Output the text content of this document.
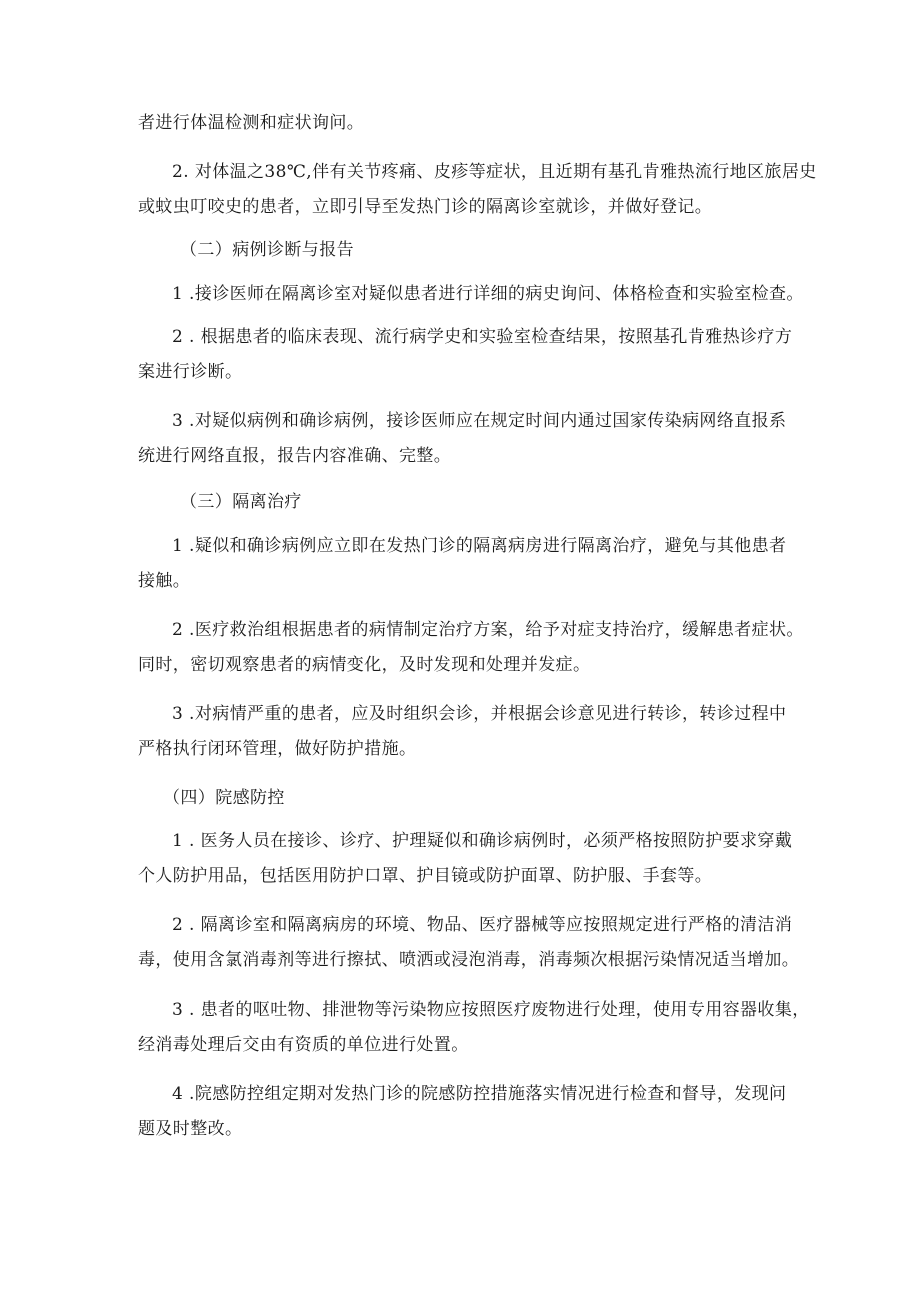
者进行体温检测和症状询问。
2. 对体温之38℃,伴有关节疼痛、皮疹等症状，且近期有基孔肯雅热流行地区旅居史
或蚊虫叮咬史的患者，立即引导至发热门诊的隔离诊室就诊，并做好登记。
（二）病例诊断与报告
1 .接诊医师在隔离诊室对疑似患者进行详细的病史询问、体格检查和实验室检查。
2 . 根据患者的临床表现、流行病学史和实验室检查结果，按照基孔肯雅热诊疗方
案进行诊断。
3 .对疑似病例和确诊病例，接诊医师应在规定时间内通过国家传染病网络直报系
统进行网络直报，报告内容准确、完整。
（三）隔离治疗
1 .疑似和确诊病例应立即在发热门诊的隔离病房进行隔离治疗，避免与其他患者
接触。
2 .医疗救治组根据患者的病情制定治疗方案，给予对症支持治疗，缓解患者症状。
同时，密切观察患者的病情变化，及时发现和处理并发症。
3 .对病情严重的患者，应及时组织会诊，并根据会诊意见进行转诊，转诊过程中
严格执行闭环管理，做好防护措施。
（四）院感防控
1 . 医务人员在接诊、诊疗、护理疑似和确诊病例时，必须严格按照防护要求穿戴
个人防护用品，包括医用防护口罩、护目镜或防护面罩、防护服、手套等。
2 . 隔离诊室和隔离病房的环境、物品、医疗器械等应按照规定进行严格的清洁消
毒，使用含氯消毒剂等进行擦拭、喷洒或浸泡消毒，消毒频次根据污染情况适当增加。
3 . 患者的呕吐物、排泄物等污染物应按照医疗废物进行处理，使用专用容器收集，
经消毒处理后交由有资质的单位进行处置。
4 .院感防控组定期对发热门诊的院感防控措施落实情况进行检查和督导，发现问
题及时整改。
